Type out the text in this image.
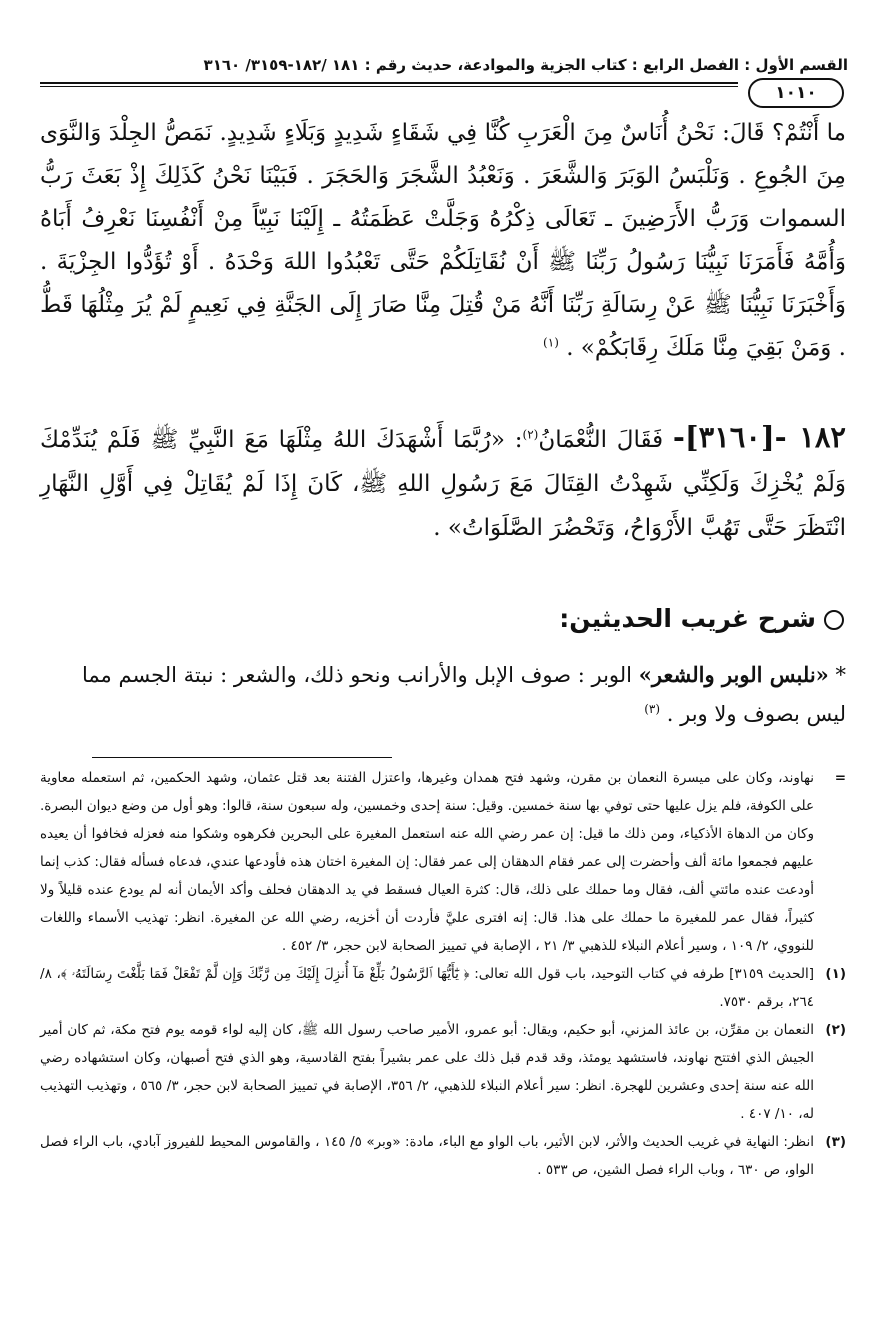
القسم الأول : الفصل الرابع : كتاب الجزية والموادعة، حديث رقم : ١٨١ /١٨٢-٣١٥٩/ ٣١٦٠
١٠١٠
ما أَنْتُمْ؟ قَالَ: نَحْنُ أُنَاسٌ مِنَ الْعَرَبِ كُنَّا فِي شَقَاءٍ شَدِيدٍ وَبَلَاءٍ شَدِيدٍ. نَمَصُّ الجِلْدَ وَالنَّوَى مِنَ الجُوعِ . وَنَلْبَسُ الوَبَرَ وَالشَّعَرَ . وَنَعْبُدُ الشَّجَرَ وَالحَجَرَ . فَبَيْنَا نَحْنُ كَذَلِكَ إِذْ بَعَثَ رَبُّ السموات وَرَبُّ الأَرَضِينَ ـ تَعَالَى ذِكْرُهُ وَجَلَّتْ عَظَمَتُهُ ـ إِلَيْنَا نَبِيّاً مِنْ أَنْفُسِنَا نَعْرِفُ أَبَاهُ وَأُمَّهُ فَأَمَرَنَا نَبِيُّنَا رَسُولُ رَبِّنَا ﷺ أَنْ نُقَاتِلَكُمْ حَتَّى تَعْبُدُوا اللهَ وَحْدَهُ . أَوْ تُؤَدُّوا الجِزْيَةَ . وَأَخْبَرَنَا نَبِيُّنَا ﷺ عَنْ رِسَالَةِ رَبِّنَا أَنَّهُ مَنْ قُتِلَ مِنَّا صَارَ إِلَى الجَنَّةِ فِي نَعِيمٍ لَمْ يُرَ مِثْلُهَا قَطُّ . وَمَنْ بَقِيَ مِنَّا مَلَكَ رِقَابَكُمْ» . $^{(١)}$
١٨٢ -[٣١٦٠]- فَقَالَ النُّعْمَانُ$^{(٢)}$: «رُبَّمَا أَشْهَدَكَ اللهُ مِثْلَهَا مَعَ النَّبِيِّ ﷺ فَلَمْ يُنَدِّمْكَ وَلَمْ يُخْزِكَ وَلَكِنِّي شَهِدْتُ القِتَالَ مَعَ رَسُولِ اللهِ ﷺ، كَانَ إِذَا لَمْ يُقَاتِلْ فِي أَوَّلِ النَّهَارِ انْتَظَرَ حَتَّى تَهُبَّ الأَرْوَاحُ، وَتَحْضُرَ الصَّلَوَاتُ» .
شرح غريب الحديثين:
* «نلبس الوبر والشعر» الوبر : صوف الإبل والأرانب ونحو ذلك، والشعر : نبتة الجسم مما ليس بصوف ولا وبر . $^{(٣)}$
=
نهاوند، وكان على ميسرة النعمان بن مقرن، وشهد فتح همدان وغيرها، واعتزل الفتنة بعد قتل عثمان، وشهد الحكمين، ثم استعمله معاوية على الكوفة، فلم يزل عليها حتى توفي بها سنة خمسين. وقيل: سنة إحدى وخمسين، وله سبعون سنة، قالوا: وهو أول من وضع ديوان البصرة. وكان من الدهاة الأذكياء، ومن ذلك ما قيل: إن عمر رضي الله عنه استعمل المغيرة على البحرين فكرهوه وشكوا منه فعزله فخافوا أن يعيده عليهم فجمعوا مائة ألف وأحضرت إلى عمر فقام الدهقان إلى عمر فقال: إن المغيرة اختان هذه فأودعها عندي، فدعاه فسأله فقال: كذب إنما أودعت عنده مائتي ألف، فقال وما حملك على ذلك، قال: كثرة العيال فسقط في يد الدهقان فحلف وأكد الأيمان أنه لم يودع عنده قليلاً ولا كثيراً، فقال عمر للمغيرة ما حملك على هذا. قال: إنه افترى عليَّ فأردت أن أخزيه، رضي الله عن المغيرة. انظر: تهذيب الأسماء واللغات للنووي، ٢/ ١٠٩ ، وسير أعلام النبلاء للذهبي ٣/ ٢١ ، الإصابة في تمييز الصحابة لابن حجر، ٣/ ٤٥٢ .
(١)
[الحديث ٣١٥٩] طرفه في كتاب التوحيد، باب قول الله تعالى: ﴿ يَٰٓأَيُّهَا ٱلرَّسُولُ بَلِّغْ مَآ أُنزِلَ إِلَيْكَ مِن رَّبِّكَ وَإِن لَّمْ تَفْعَلْ فَمَا بَلَّغْتَ رِسَالَتَهُۥ ﴾، ٨/ ٢٦٤، برقم ٧٥٣٠.
(٢)
النعمان بن مقرِّن، بن عائذ المزني، أبو حكيم، ويقال: أبو عمرو، الأمير صاحب رسول الله ﷺ، كان إليه لواء قومه يوم فتح مكة، ثم كان أمير الجيش الذي افتتح نهاوند، فاستشهد يومئذ، وقد قدم قبل ذلك على عمر بشيراً بفتح القادسية، وهو الذي فتح أصبهان، وكان استشهاده رضي الله عنه سنة إحدى وعشرين للهجرة. انظر: سير أعلام النبلاء للذهبي، ٢/ ٣٥٦، الإصابة في تمييز الصحابة لابن حجر، ٣/ ٥٦٥ ، وتهذيب التهذيب له، ١٠/ ٤٠٧ .
(٣)
انظر: النهاية في غريب الحديث والأثر، لابن الأثير، باب الواو مع الباء، مادة: «وبر» ٥/ ١٤٥ ، والقاموس المحيط للفيروز آبادي، باب الراء فصل الواو، ص ٦٣٠ ، وباب الراء فصل الشين، ص ٥٣٣ .
